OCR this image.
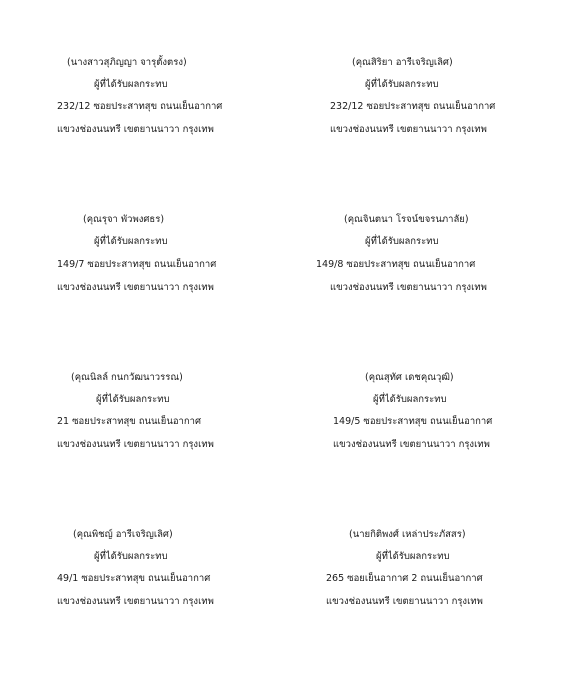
(นางสาวสุภิญญา จารุตั้งตรง)
ผู้ที่ได้รับผลกระทบ
232/12 ซอยประสาทสุข ถนนเย็นอากาศ
แขวงช่องนนทรี เขตยานนาวา กรุงเทพ
(คุณสิริยา อารีเจริญเลิศ)
ผู้ที่ได้รับผลกระทบ
232/12 ซอยประสาทสุข ถนนเย็นอากาศ
แขวงช่องนนทรี เขตยานนาวา กรุงเทพ
(คุณรุจา พัวพงศธร)
ผู้ที่ได้รับผลกระทบ
149/7 ซอยประสาทสุข ถนนเย็นอากาศ
แขวงช่องนนทรี เขตยานนาวา กรุงเทพ
(คุณจินตนา โรจน์ขจรนภาลัย)
ผู้ที่ได้รับผลกระทบ
149/8 ซอยประสาทสุข ถนนเย็นอากาศ
แขวงช่องนนทรี เขตยานนาวา กรุงเทพ
(คุณนิลล์ กนกวัฒนาวรรณ)
ผู้ที่ได้รับผลกระทบ
21 ซอยประสาทสุข ถนนเย็นอากาศ
แขวงช่องนนทรี เขตยานนาวา กรุงเทพ
(คุณสุทัศ เดชคุณวุฒิ)
ผู้ที่ได้รับผลกระทบ
149/5 ซอยประสาทสุข ถนนเย็นอากาศ
แขวงช่องนนทรี เขตยานนาวา กรุงเทพ
(คุณพิชญ์ อารีเจริญเลิศ)
ผู้ที่ได้รับผลกระทบ
49/1 ซอยประสาทสุข ถนนเย็นอากาศ
แขวงช่องนนทรี เขตยานนาวา กรุงเทพ
(นายกิติพงศ์ เหล่าประภัสสร)
ผู้ที่ได้รับผลกระทบ
265 ซอยเย็นอากาศ 2 ถนนเย็นอากาศ
แขวงช่องนนทรี เขตยานนาวา กรุงเทพ
